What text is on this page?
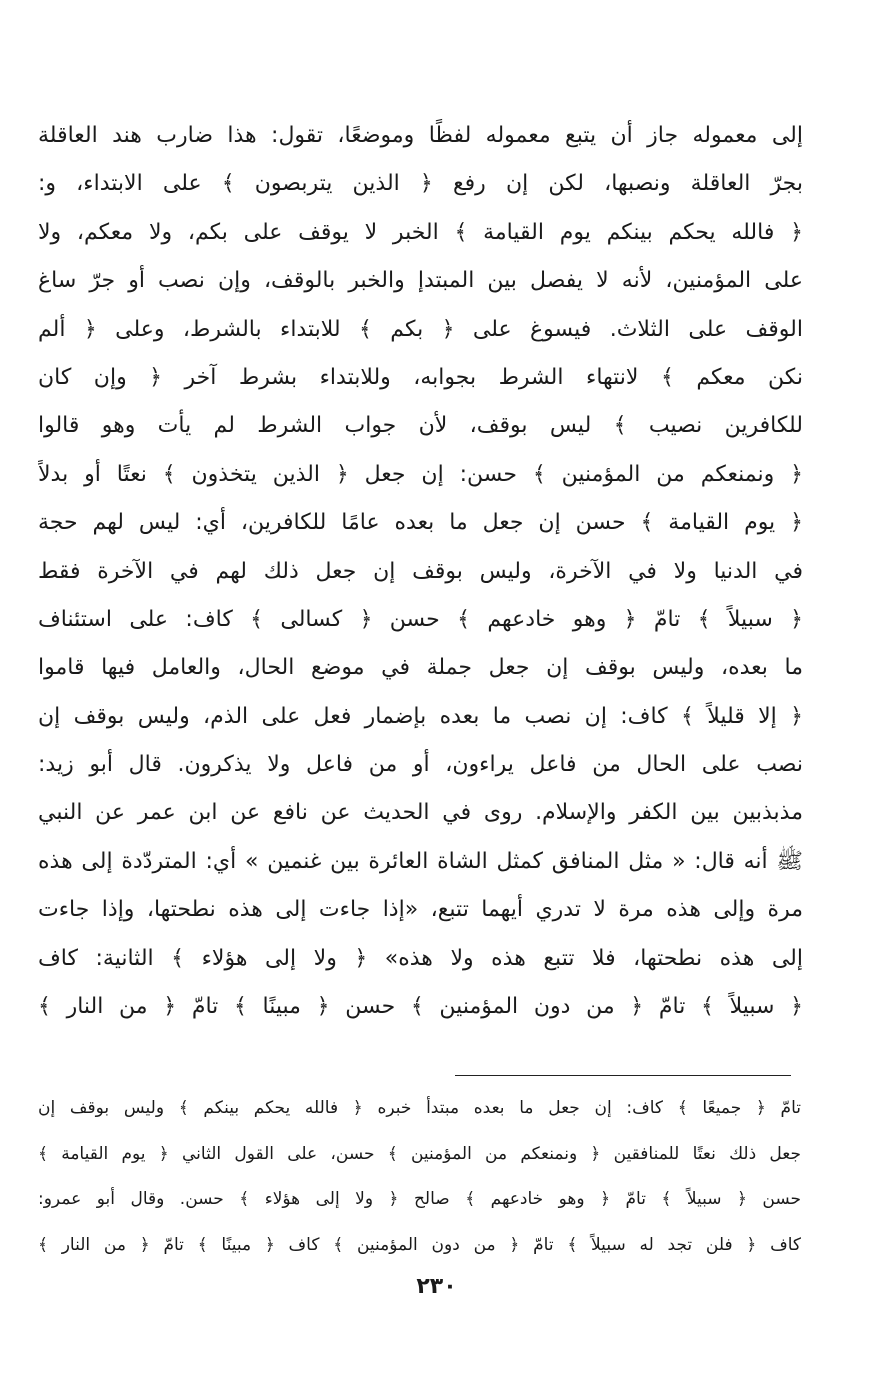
إلى معموله جاز أن يتبع معموله لفظًا وموضعًا، تقول: هذا ضارب هند العاقلة
بجرّ العاقلة ونصبها، لكن إن رفع ﴿ الذين يتربصون ﴾ على الابتداء، و:
﴿ فالله يحكم بينكم يوم القيامة ﴾ الخبر لا يوقف على بكم، ولا معكم، ولا
على المؤمنين، لأنه لا يفصل بين المبتدإ والخبر بالوقف، وإن نصب أو جرّ ساغ
الوقف على الثلاث. فيسوغ على ﴿ بكم ﴾ للابتداء بالشرط، وعلى ﴿ ألم
نكن معكم ﴾ لانتهاء الشرط بجوابه، وللابتداء بشرط آخر ﴿ وإن كان
للكافرين نصيب ﴾ ليس بوقف، لأن جواب الشرط لم يأت وهو قالوا
﴿ ونمنعكم من المؤمنين ﴾ حسن: إن جعل ﴿ الذين يتخذون ﴾ نعتًا أو بدلاً
﴿ يوم القيامة ﴾ حسن إن جعل ما بعده عامًا للكافرين، أي: ليس لهم حجة
في الدنيا ولا في الآخرة، وليس بوقف إن جعل ذلك لهم في الآخرة فقط
﴿ سبيلاً ﴾ تامّ ﴿ وهو خادعهم ﴾ حسن ﴿ كسالى ﴾ كاف: على استئناف
ما بعده، وليس بوقف إن جعل جملة في موضع الحال، والعامل فيها قاموا
﴿ إلا قليلاً ﴾ كاف: إن نصب ما بعده بإضمار فعل على الذم، وليس بوقف إن
نصب على الحال من فاعل يراءون، أو من فاعل ولا يذكرون. قال أبو زيد:
مذبذبين بين الكفر والإسلام. روى في الحديث عن نافع عن ابن عمر عن النبي
ﷺ أنه قال: « مثل المنافق كمثل الشاة العائرة بين غنمين » أي: المتردّدة إلى هذه
مرة وإلى هذه مرة لا تدري أيهما تتبع، «إذا جاءت إلى هذه نطحتها، وإذا جاءت
إلى هذه نطحتها، فلا تتبع هذه ولا هذه» ﴿ ولا إلى هؤلاء ﴾ الثانية: كاف
﴿ سبيلاً ﴾ تامّ ﴿ من دون المؤمنين ﴾ حسن ﴿ مبينًا ﴾ تامّ ﴿ من النار ﴾
تامّ ﴿ جميعًا ﴾ كاف: إن جعل ما بعده مبتدأ خبره ﴿ فالله يحكم بينكم ﴾ وليس بوقف إن
جعل ذلك نعتًا للمنافقين ﴿ ونمنعكم من المؤمنين ﴾ حسن، على القول الثاني ﴿ يوم القيامة ﴾
حسن ﴿ سبيلاً ﴾ تامّ ﴿ وهو خادعهم ﴾ صالح ﴿ ولا إلى هؤلاء ﴾ حسن. وقال أبو عمرو:
كاف ﴿ فلن تجد له سبيلاً ﴾ تامّ ﴿ من دون المؤمنين ﴾ كاف ﴿ مبينًا ﴾ تامّ ﴿ من النار ﴾
٢٣٠
